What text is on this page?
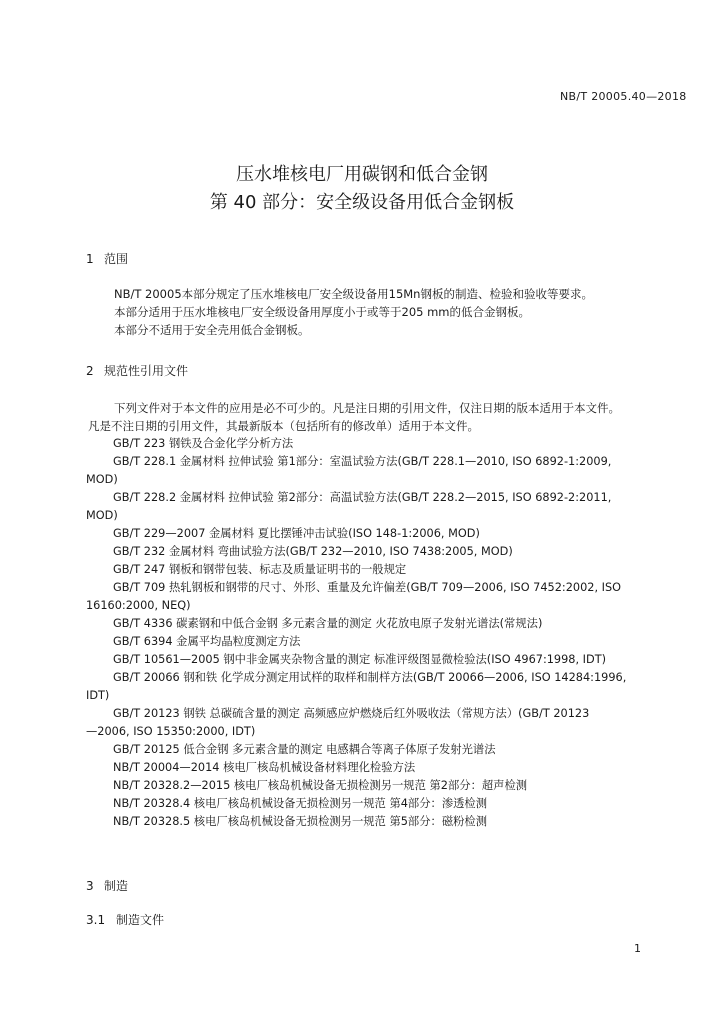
NB/T 20005.40—2018
压水堆核电厂用碳钢和低合金钢
第 40 部分：安全级设备用低合金钢板
1 范围
NB/T 20005本部分规定了压水堆核电厂安全级设备用15Mn钢板的制造、检验和验收等要求。
本部分适用于压水堆核电厂安全级设备用厚度小于或等于205 mm的低合金钢板。
本部分不适用于安全壳用低合金钢板。
2 规范性引用文件
下列文件对于本文件的应用是必不可少的。凡是注日期的引用文件，仅注日期的版本适用于本文件。
凡是不注日期的引用文件，其最新版本（包括所有的修改单）适用于本文件。
GB/T 223 钢铁及合金化学分析方法
GB/T 228.1 金属材料 拉伸试验 第1部分：室温试验方法(GB/T 228.1—2010, ISO 6892-1:2009,
MOD)
GB/T 228.2 金属材料 拉伸试验 第2部分：高温试验方法(GB/T 228.2—2015, ISO 6892-2:2011,
MOD)
GB/T 229—2007 金属材料 夏比摆锤冲击试验(ISO 148-1:2006, MOD)
GB/T 232 金属材料 弯曲试验方法(GB/T 232—2010, ISO 7438:2005, MOD)
GB/T 247 钢板和钢带包装、标志及质量证明书的一般规定
GB/T 709 热轧钢板和钢带的尺寸、外形、重量及允许偏差(GB/T 709—2006, ISO 7452:2002, ISO
16160:2000, NEQ)
GB/T 4336 碳素钢和中低合金钢 多元素含量的测定 火花放电原子发射光谱法(常规法)
GB/T 6394 金属平均晶粒度测定方法
GB/T 10561—2005 钢中非金属夹杂物含量的测定 标准评级图显微检验法(ISO 4967:1998, IDT)
GB/T 20066 钢和铁 化学成分测定用试样的取样和制样方法(GB/T 20066—2006, ISO 14284:1996,
IDT)
GB/T 20123 钢铁 总碳硫含量的测定 高频感应炉燃烧后红外吸收法（常规方法）(GB/T 20123
—2006, ISO 15350:2000, IDT)
GB/T 20125 低合金钢 多元素含量的测定 电感耦合等离子体原子发射光谱法
NB/T 20004—2014 核电厂核岛机械设备材料理化检验方法
NB/T 20328.2—2015 核电厂核岛机械设备无损检测另一规范 第2部分：超声检测
NB/T 20328.4 核电厂核岛机械设备无损检测另一规范 第4部分：渗透检测
NB/T 20328.5 核电厂核岛机械设备无损检测另一规范 第5部分：磁粉检测
3 制造
3.1 制造文件
1
